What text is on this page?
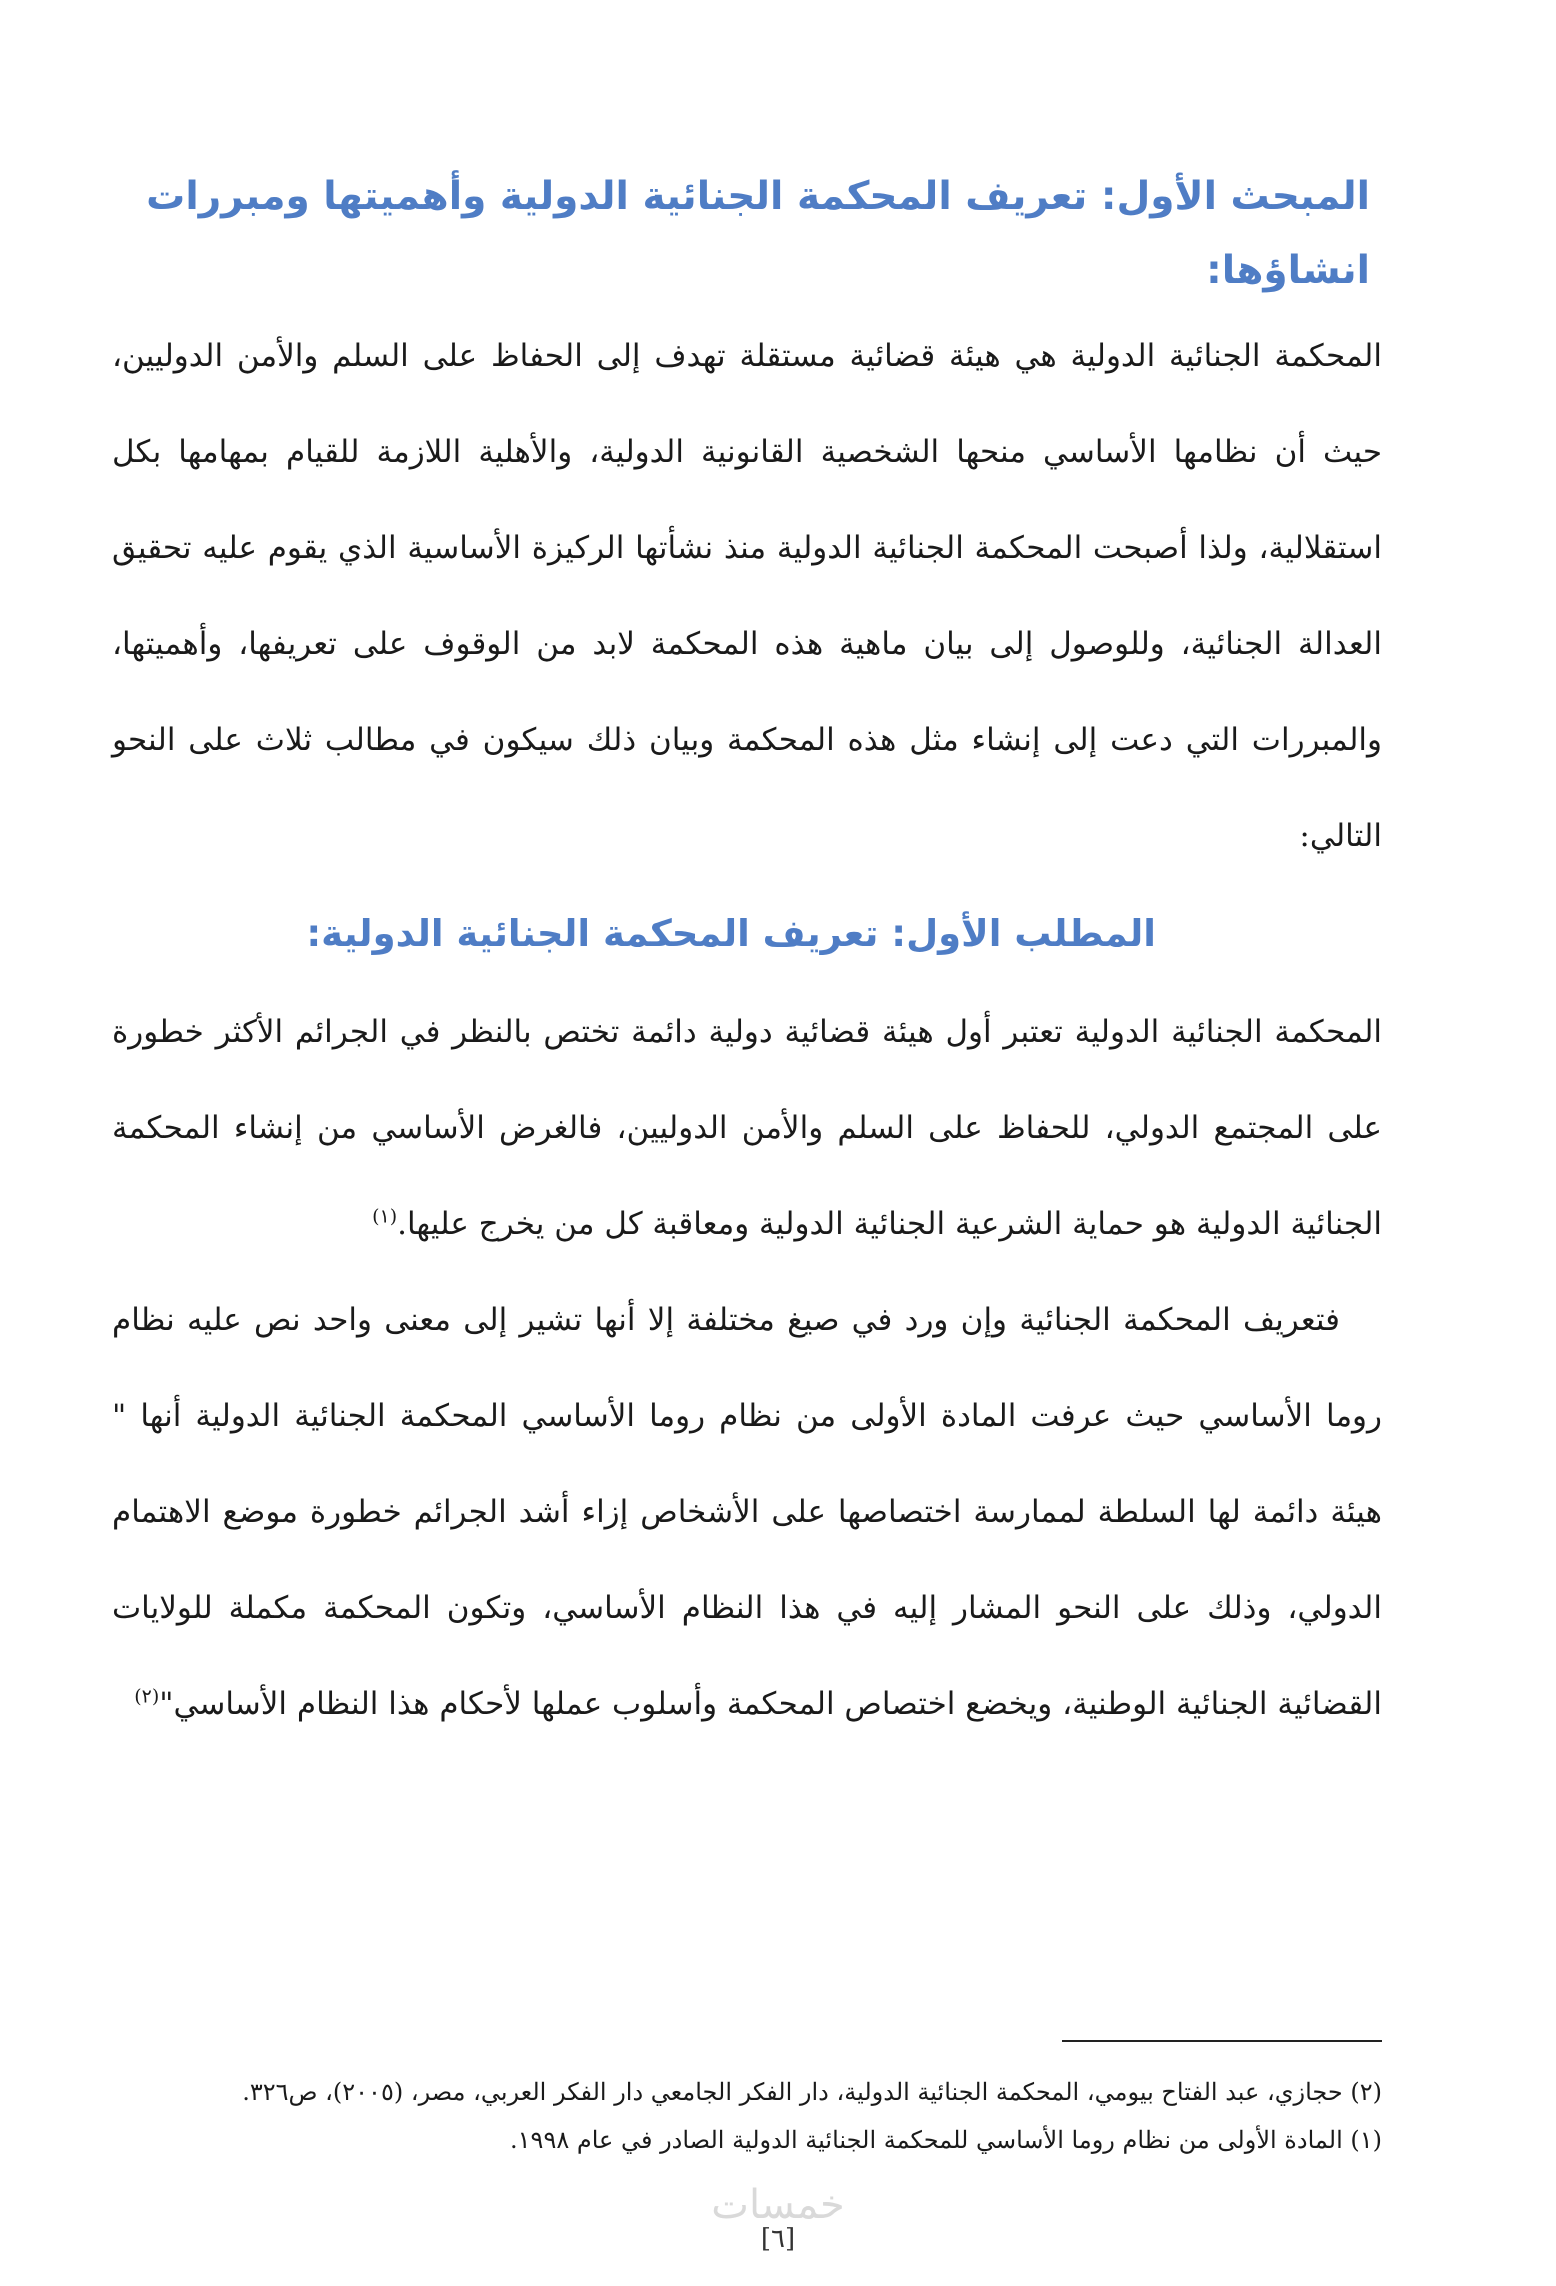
المبحث الأول: تعريف المحكمة الجنائية الدولية وأهميتها ومبررات
انشاؤها:

المحكمة الجنائية الدولية هي هيئة قضائية مستقلة تهدف إلى الحفاظ على السلم والأمن الدوليين، حيث أن نظامها الأساسي منحها الشخصية القانونية الدولية، والأهلية اللازمة للقيام بمهامها بكل استقلالية، ولذا أصبحت المحكمة الجنائية الدولية منذ نشأتها الركيزة الأساسية الذي يقوم عليه تحقيق العدالة الجنائية، وللوصول إلى بيان ماهية هذه المحكمة لابد من الوقوف على تعريفها، وأهميتها، والمبررات التي دعت إلى إنشاء مثل هذه المحكمة وبيان ذلك سيكون في مطالب ثلاث على النحو التالي:

المطلب الأول: تعريف المحكمة الجنائية الدولية:

المحكمة الجنائية الدولية تعتبر أول هيئة قضائية دولية دائمة تختص بالنظر في الجرائم الأكثر خطورة على المجتمع الدولي، للحفاظ على السلم والأمن الدوليين، فالغرض الأساسي من إنشاء المحكمة الجنائية الدولية هو حماية الشرعية الجنائية الدولية ومعاقبة كل من يخرج عليها.$^{(١)}$

فتعريف المحكمة الجنائية وإن ورد في صيغ مختلفة إلا أنها تشير إلى معنى واحد نص عليه نظام روما الأساسي حيث عرفت المادة الأولى من نظام روما الأساسي المحكمة الجنائية الدولية أنها " هيئة دائمة لها السلطة لممارسة اختصاصها على الأشخاص إزاء أشد الجرائم خطورة موضع الاهتمام الدولي، وذلك على النحو المشار إليه في هذا النظام الأساسي، وتكون المحكمة مكملة للولايات القضائية الجنائية الوطنية، ويخضع اختصاص المحكمة وأسلوب عملها لأحكام هذا النظام الأساسي"$^{(٢)}$

(٢) حجازي، عبد الفتاح بيومي، المحكمة الجنائية الدولية، دار الفكر الجامعي دار الفكر العربي، مصر، (٢٠٠٥)، ص٣٢٦.

(١) المادة الأولى من نظام روما الأساسي للمحكمة الجنائية الدولية الصادر في عام ١٩٩٨.

خمسات
[٦]
